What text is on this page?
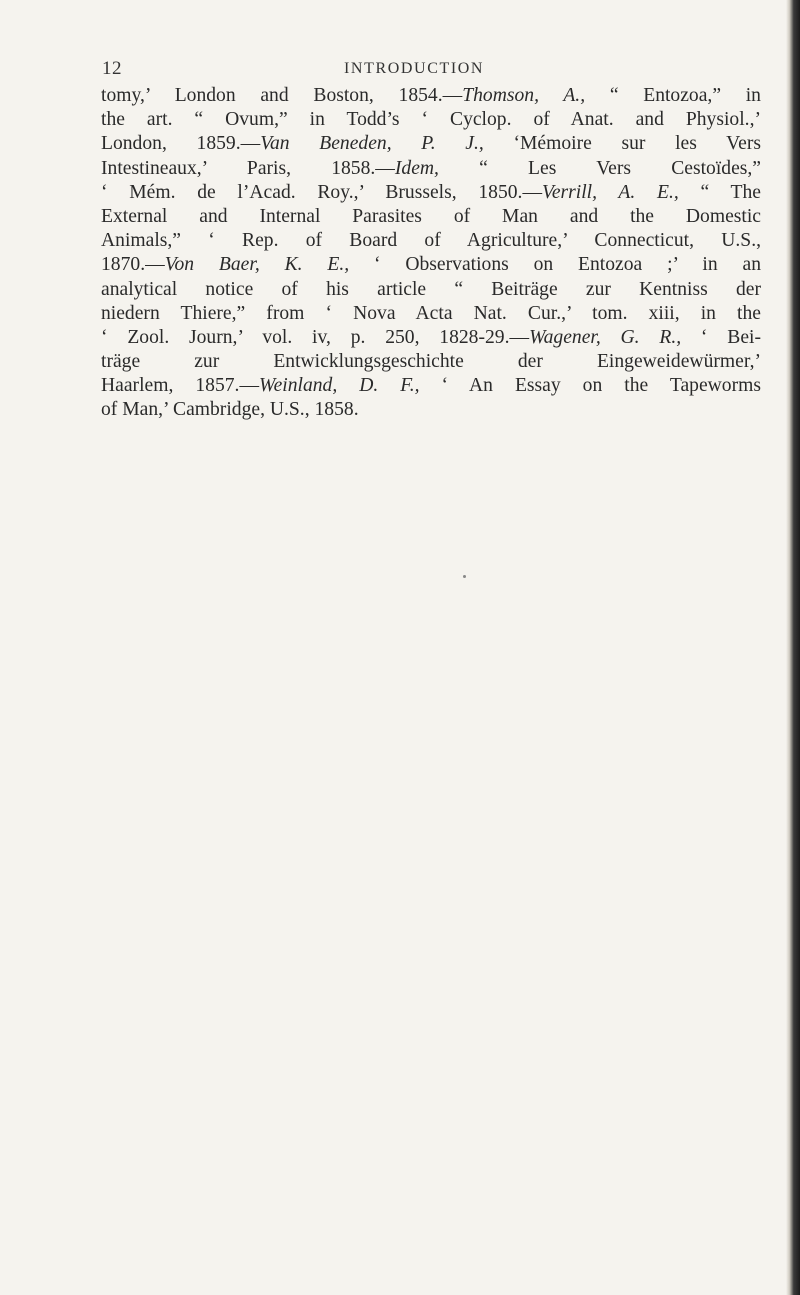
12	INTRODUCTION
tomy,’ London and Boston, 1854.—Thomson, A., “ Entozoa,” in
the art. “ Ovum,” in Todd’s ‘ Cyclop. of Anat. and Physiol.,’
London, 1859.—Van Beneden, P. J., ‘Mémoire sur les Vers
Intestineaux,’ Paris, 1858.—Idem, “ Les Vers Cestoïdes,”
‘ Mém. de l’Acad. Roy.,’ Brussels, 1850.—Verrill, A. E., “ The
External and Internal Parasites of Man and the Domestic
Animals,” ‘ Rep. of Board of Agriculture,’ Connecticut, U.S.,
1870.—Von Baer, K. E., ‘ Observations on Entozoa ;’ in an
analytical notice of his article “ Beiträge zur Kentniss der
niedern Thiere,” from ‘ Nova Acta Nat. Cur.,’ tom. xiii, in the
‘ Zool. Journ,’ vol. iv, p. 250, 1828-29.—Wagener, G. R., ‘ Bei-
träge zur Entwicklungsgeschichte der Eingeweidewürmer,’
Haarlem, 1857.—Weinland, D. F., ‘ An Essay on the Tapeworms
of Man,’ Cambridge, U.S., 1858.
